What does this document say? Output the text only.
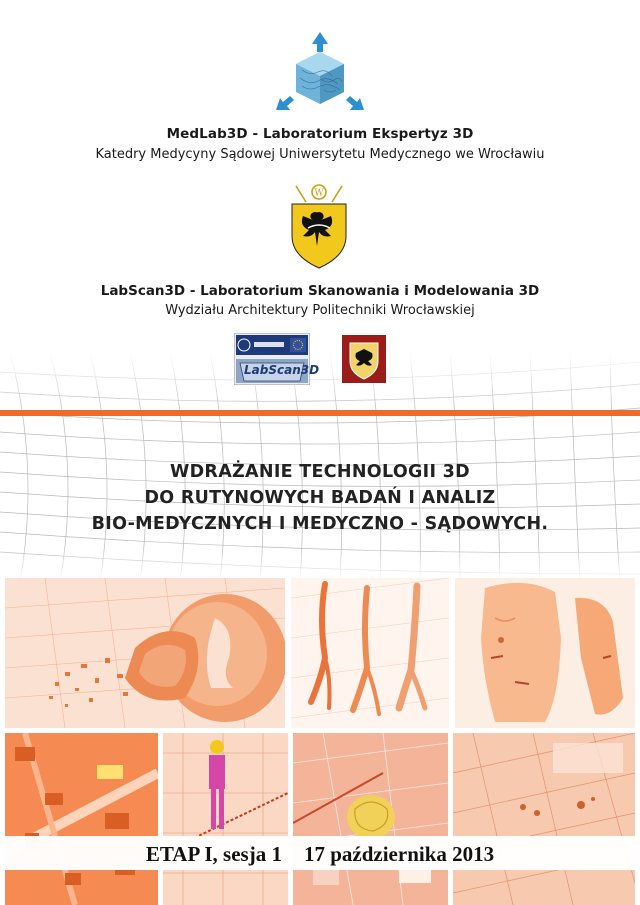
MedLab3D - Laboratorium Ekspertyz 3D
Katedry Medycyny Sądowej Uniwersytetu Medycznego we Wrocławiu
W
LabScan3D - Laboratorium Skanowania i Modelowania 3D
Wydziału Architektury Politechniki Wrocławskiej
LabScan3D
WDRAŻANIE TECHNOLOGII 3D
DO RUTYNOWYCH BADAŃ I ANALIZ
BIO-MEDYCZNYCH I MEDYCZNO - SĄDOWYCH.
ETAP I, sesja 1 17 października 2013
